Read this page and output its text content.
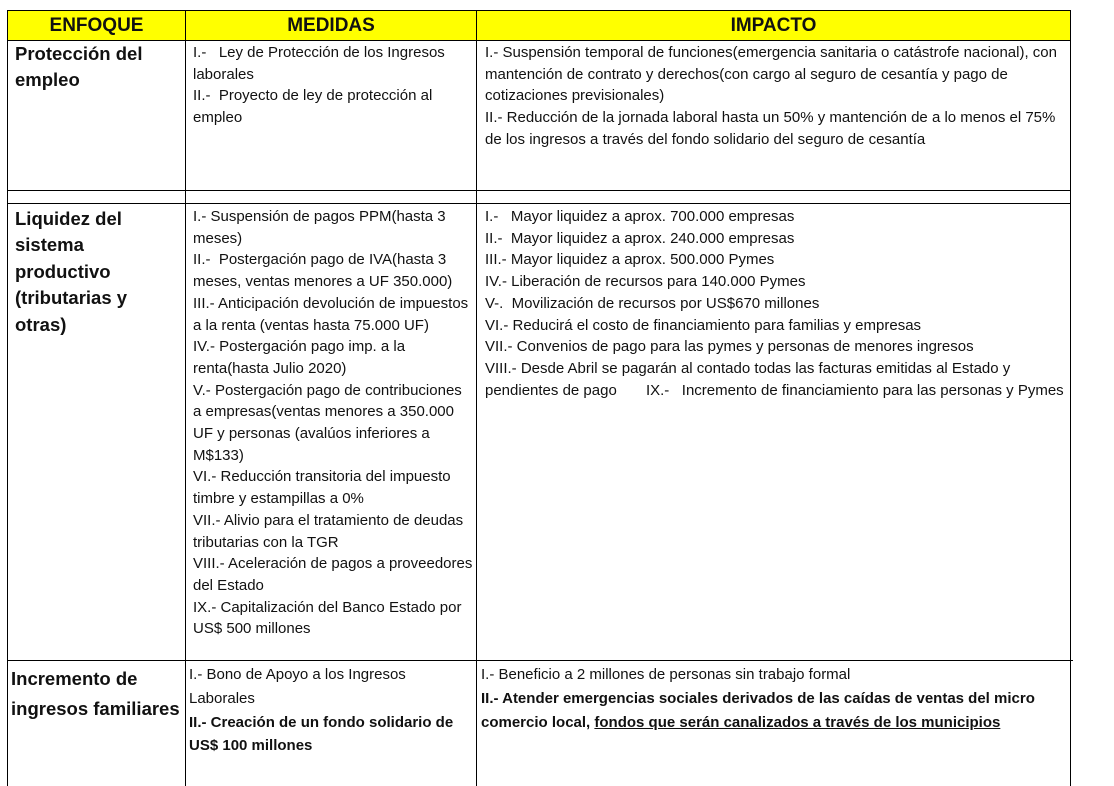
ENFOQUE	MEDIDAS	IMPACTO
Protección del empleo
I.-   Ley de Protección de los Ingresos laborales
II.-  Proyecto de ley de protección al empleo
I.- Suspensión temporal de funciones(emergencia sanitaria o catástrofe nacional), con mantención de contrato y derechos(con cargo al seguro de cesantía y pago de cotizaciones previsionales)
II.- Reducción de la jornada laboral hasta un 50% y mantención de a lo menos el 75% de los ingresos a través del fondo solidario del seguro de cesantía
Liquidez del sistema productivo (tributarias y otras)
I.- Suspensión de pagos PPM(hasta 3 meses)
II.-  Postergación pago de IVA(hasta 3 meses, ventas menores a UF 350.000)
III.- Anticipación devolución de impuestos a la renta (ventas hasta 75.000 UF)
IV.- Postergación pago imp. a la renta(hasta Julio 2020)
V.- Postergación pago de contribuciones a empresas(ventas menores a 350.000 UF y personas (avalúos inferiores a M$133)
VI.- Reducción transitoria del impuesto timbre y estampillas a 0%
VII.- Alivio para el tratamiento de deudas tributarias con la TGR
VIII.- Aceleración de pagos a proveedores del Estado
IX.- Capitalización del Banco Estado por US$ 500 millones
I.-   Mayor liquidez a aprox. 700.000 empresas
II.-  Mayor liquidez a aprox. 240.000 empresas
III.- Mayor liquidez a aprox. 500.000 Pymes
IV.- Liberación de recursos para 140.000 Pymes
V-.  Movilización de recursos por US$670 millones
VI.- Reducirá el costo de financiamiento para familias y empresas
VII.- Convenios de pago para las pymes y personas de menores ingresos
VIII.- Desde Abril se pagarán al contado todas las facturas emitidas al Estado y pendientes de pago       IX.-   Incremento de financiamiento para las personas y Pymes
Incremento de ingresos familiares
I.- Bono de Apoyo a los Ingresos Laborales
II.- Creación de un fondo solidario de US$ 100 millones
I.- Beneficio a 2 millones de personas sin trabajo formal
II.- Atender emergencias sociales derivados de las caídas de ventas del micro comercio local, fondos que serán canalizados a través de los municipios
